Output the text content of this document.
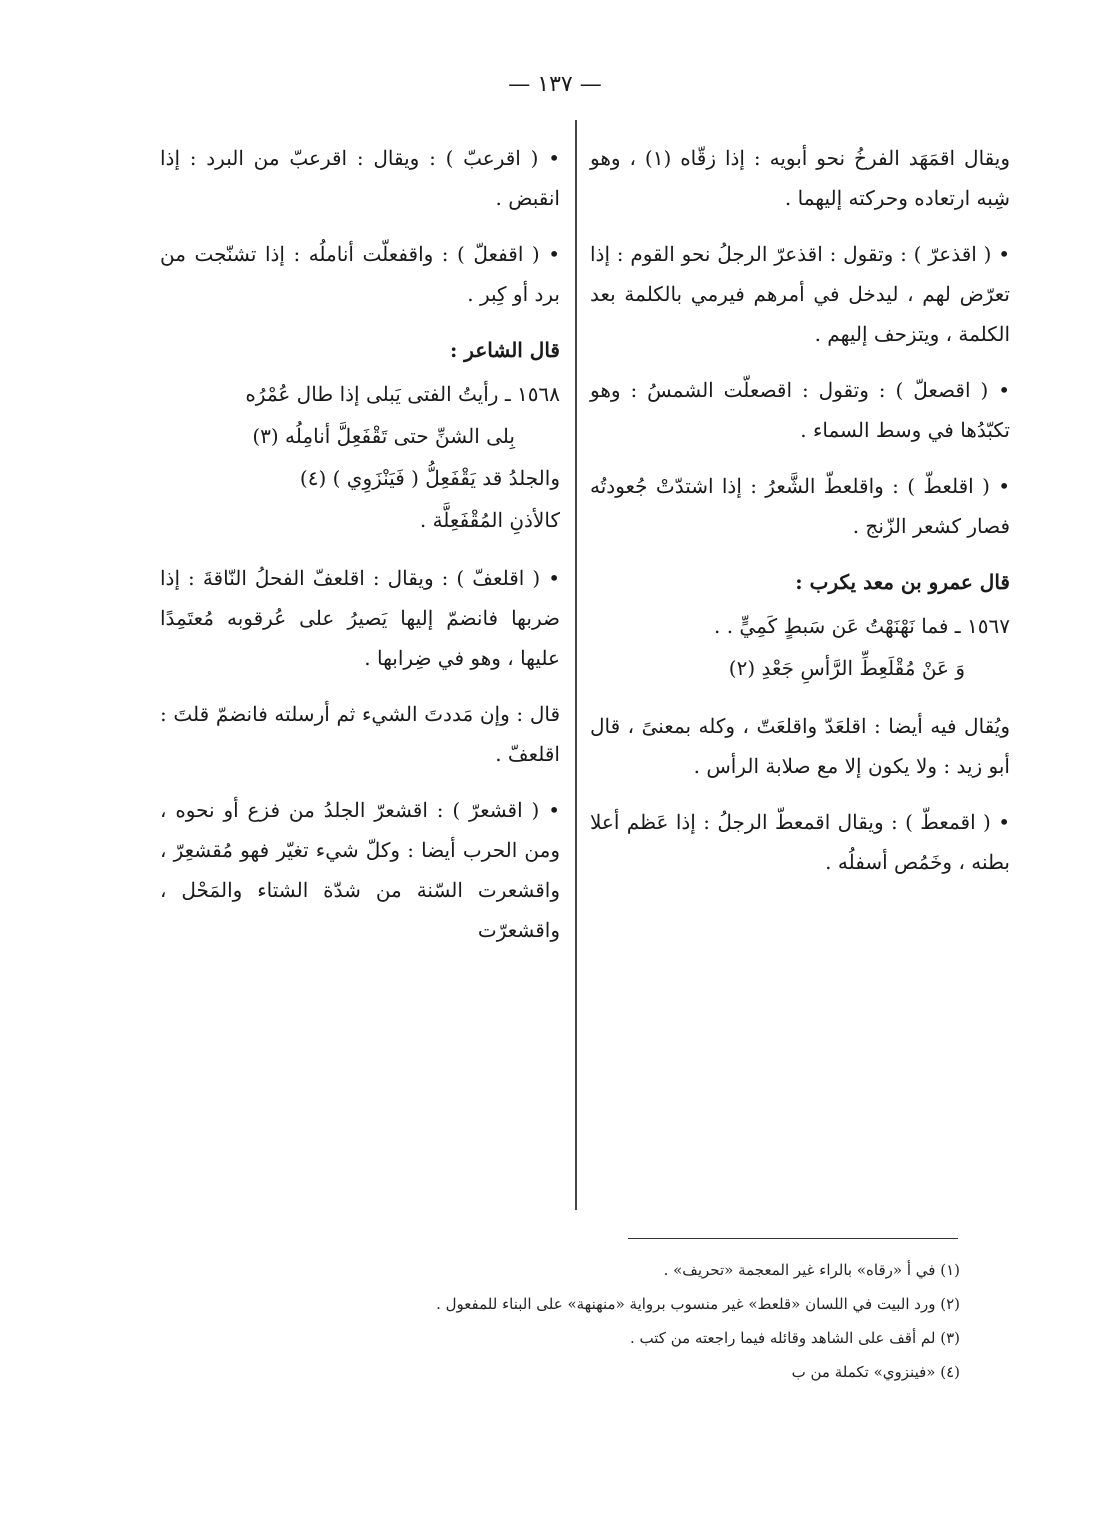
— ١٣٧ —
ويقال اقمَهَد الفرخُ نحو أبويه : إذا زقّاه (١) ، وهو شِبه ارتعاده وحركته إليهما .
• ( اقذعرّ ) : وتقول : اقذعرّ الرجلُ نحو القوم : إذا تعرّض لهم ، ليدخل في أمرهم فيرمي بالكلمة بعد الكلمة ، ويتزحف إليهم .
• ( اقصعلّ ) : وتقول : اقصعلّت الشمسُ : وهو تكبّدُها في وسط السماء .
• ( اقلعطّ ) : واقلعطّ الشَّعرُ : إذا اشتدّتْ جُعودتُه فصار كشعر الزّنج .
قال عمرو بن معد يكرب :
١٥٦٧ ـ فما نَهْنَهْتُ عَن سَبطٍ كَمِيٍّ . .
وَ عَنْ مُقْلَعِطِّ الرَّأسِ جَعْدِ (٢)
ويُقال فيه أيضا : اقلعَدّ واقلعَتّ ، وكله بمعنىً ، قال أبو زيد : ولا يكون إلا مع صلابة الرأس .
• ( اقمعطّ ) : ويقال اقمعطّ الرجلُ : إذا عَظم أعلا بطنه ، وخَمُص أسفلُه .
• ( اقرعبّ ) : ويقال : اقرعبّ من البرد : إذا انقبض .
• ( اقفعلّ ) : واقفعلّت أناملُه : إذا تشنّجت من برد أو كِبر .
قال الشاعر :
١٥٦٨ ـ رأيتُ الفتى يَبلى إذا طال عُمْرُه
بِلى الشنِّ حتى تَقْفَعِلَّ أنامِلُه (٣)
والجلدُ قد يَقْفَعِلُّ ( فَيَنْزَوِي ) (٤)
كالأذنِ المُقْفَعِلَّة .
• ( اقلعفّ ) : ويقال : اقلعفّ الفحلُ النّاقةَ : إذا ضربها فانضمّ إليها يَصيرُ على عُرقوبه مُعتَمِدًا عليها ، وهو في ضِرابها .
قال : وإن مَددتَ الشيء ثم أرسلته فانضمّ قلتَ : اقلعفّ .
• ( اقشعرّ ) : اقشعرّ الجلدُ من فزع أو نحوه ، ومن الحرب أيضا : وكلّ شيء تغيّر فهو مُقشعِرّ ، واقشعرت السّنة من شدّة الشتاء والمَحْل ، واقشعرّت
(١) في أ «رقاه» بالراء غير المعجمة «تحريف» .
(٢) ورد البيت في اللسان «قلعط» غير منسوب برواية «منهنهة» على البناء للمفعول .
(٣) لم أقف على الشاهد وقائله فيما راجعته من كتب .
(٤) «فينزوي» تكملة من ب
